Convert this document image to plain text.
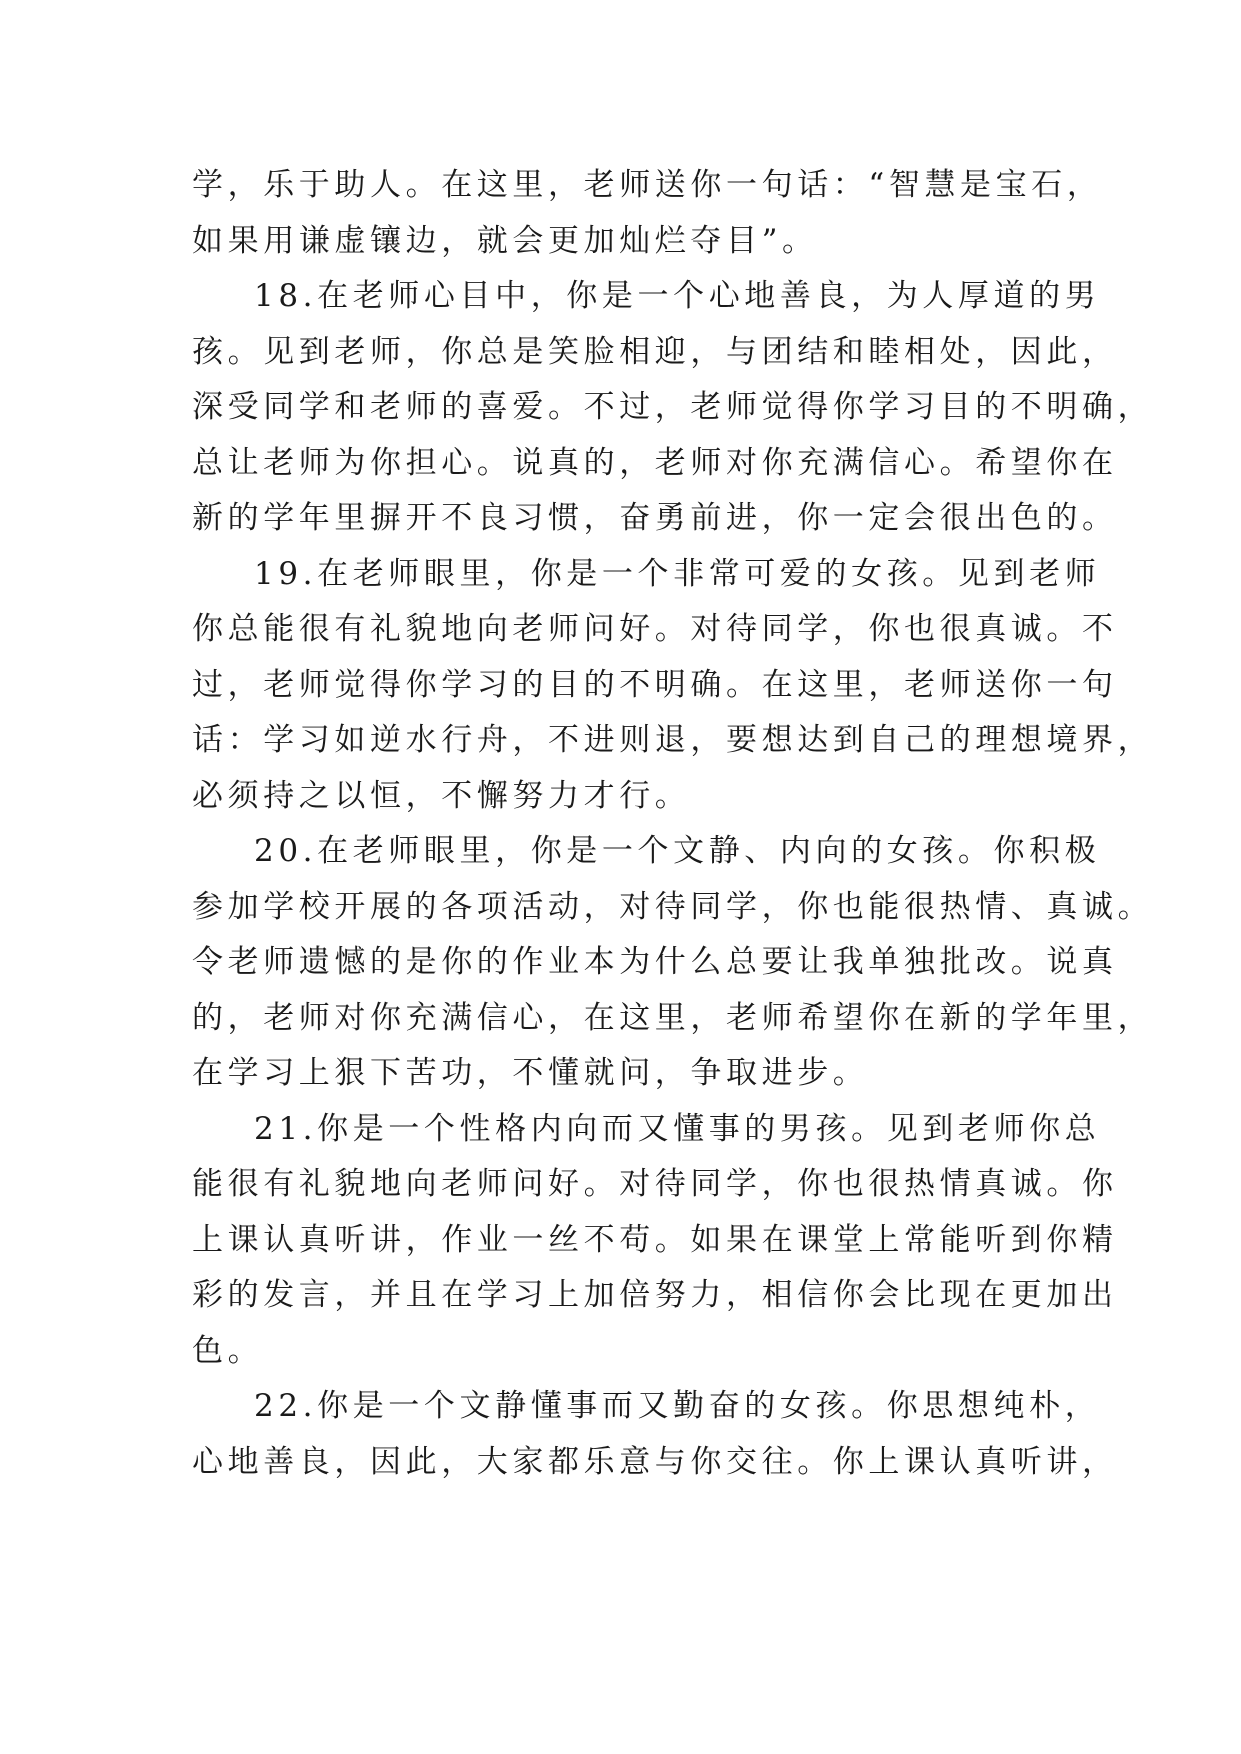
学，乐于助人。在这里，老师送你一句话：“智慧是宝石，
如果用谦虚镶边，就会更加灿烂夺目”。
18.在老师心目中，你是一个心地善良，为人厚道的男
孩。见到老师，你总是笑脸相迎，与团结和睦相处，因此，
深受同学和老师的喜爱。不过，老师觉得你学习目的不明确，
总让老师为你担心。说真的，老师对你充满信心。希望你在
新的学年里摒开不良习惯，奋勇前进，你一定会很出色的。
19.在老师眼里，你是一个非常可爱的女孩。见到老师
你总能很有礼貌地向老师问好。对待同学，你也很真诚。不
过，老师觉得你学习的目的不明确。在这里，老师送你一句
话：学习如逆水行舟，不进则退，要想达到自己的理想境界，
必须持之以恒，不懈努力才行。
20.在老师眼里，你是一个文静、内向的女孩。你积极
参加学校开展的各项活动，对待同学，你也能很热情、真诚。
令老师遗憾的是你的作业本为什么总要让我单独批改。说真
的，老师对你充满信心，在这里，老师希望你在新的学年里，
在学习上狠下苦功，不懂就问，争取进步。
21.你是一个性格内向而又懂事的男孩。见到老师你总
能很有礼貌地向老师问好。对待同学，你也很热情真诚。你
上课认真听讲，作业一丝不苟。如果在课堂上常能听到你精
彩的发言，并且在学习上加倍努力，相信你会比现在更加出
色。
22.你是一个文静懂事而又勤奋的女孩。你思想纯朴，
心地善良，因此，大家都乐意与你交往。你上课认真听讲，
